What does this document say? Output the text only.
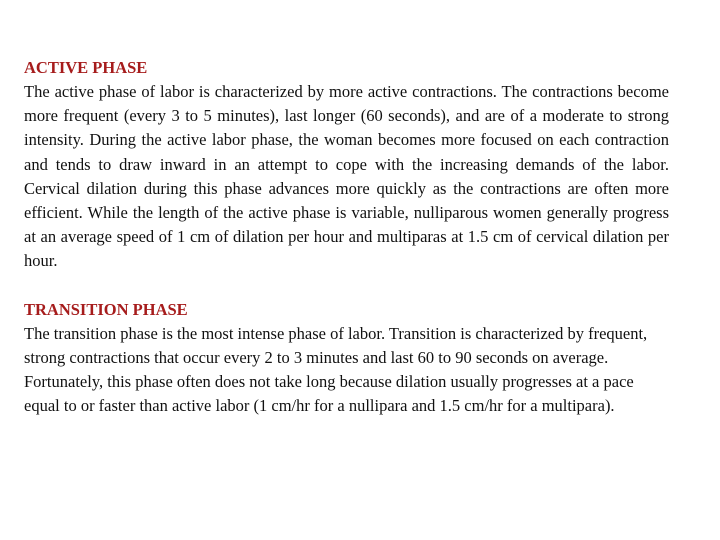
ACTIVE PHASE

The active phase of labor is characterized by more active contractions. The contractions become more frequent (every 3 to 5 minutes), last longer (60 seconds), and are of a moderate to strong intensity. During the active labor phase, the woman becomes more focused on each contraction and tends to draw inward in an attempt to cope with the increasing demands of the labor. Cervical dilation during this phase advances more quickly as the contractions are often more efficient. While the length of the active phase is variable, nulliparous women generally progress at an average speed of 1 cm of dilation per hour and multiparas at 1.5 cm of cervical dilation per hour.

TRANSITION PHASE

The transition phase is the most intense phase of labor. Transition is characterized by frequent, strong contractions that occur every 2 to 3 minutes and last 60 to 90 seconds on average. Fortunately, this phase often does not take long because dilation usually progresses at a pace equal to or faster than active labor (1 cm/hr for a nullipara and 1.5 cm/hr for a multipara).
